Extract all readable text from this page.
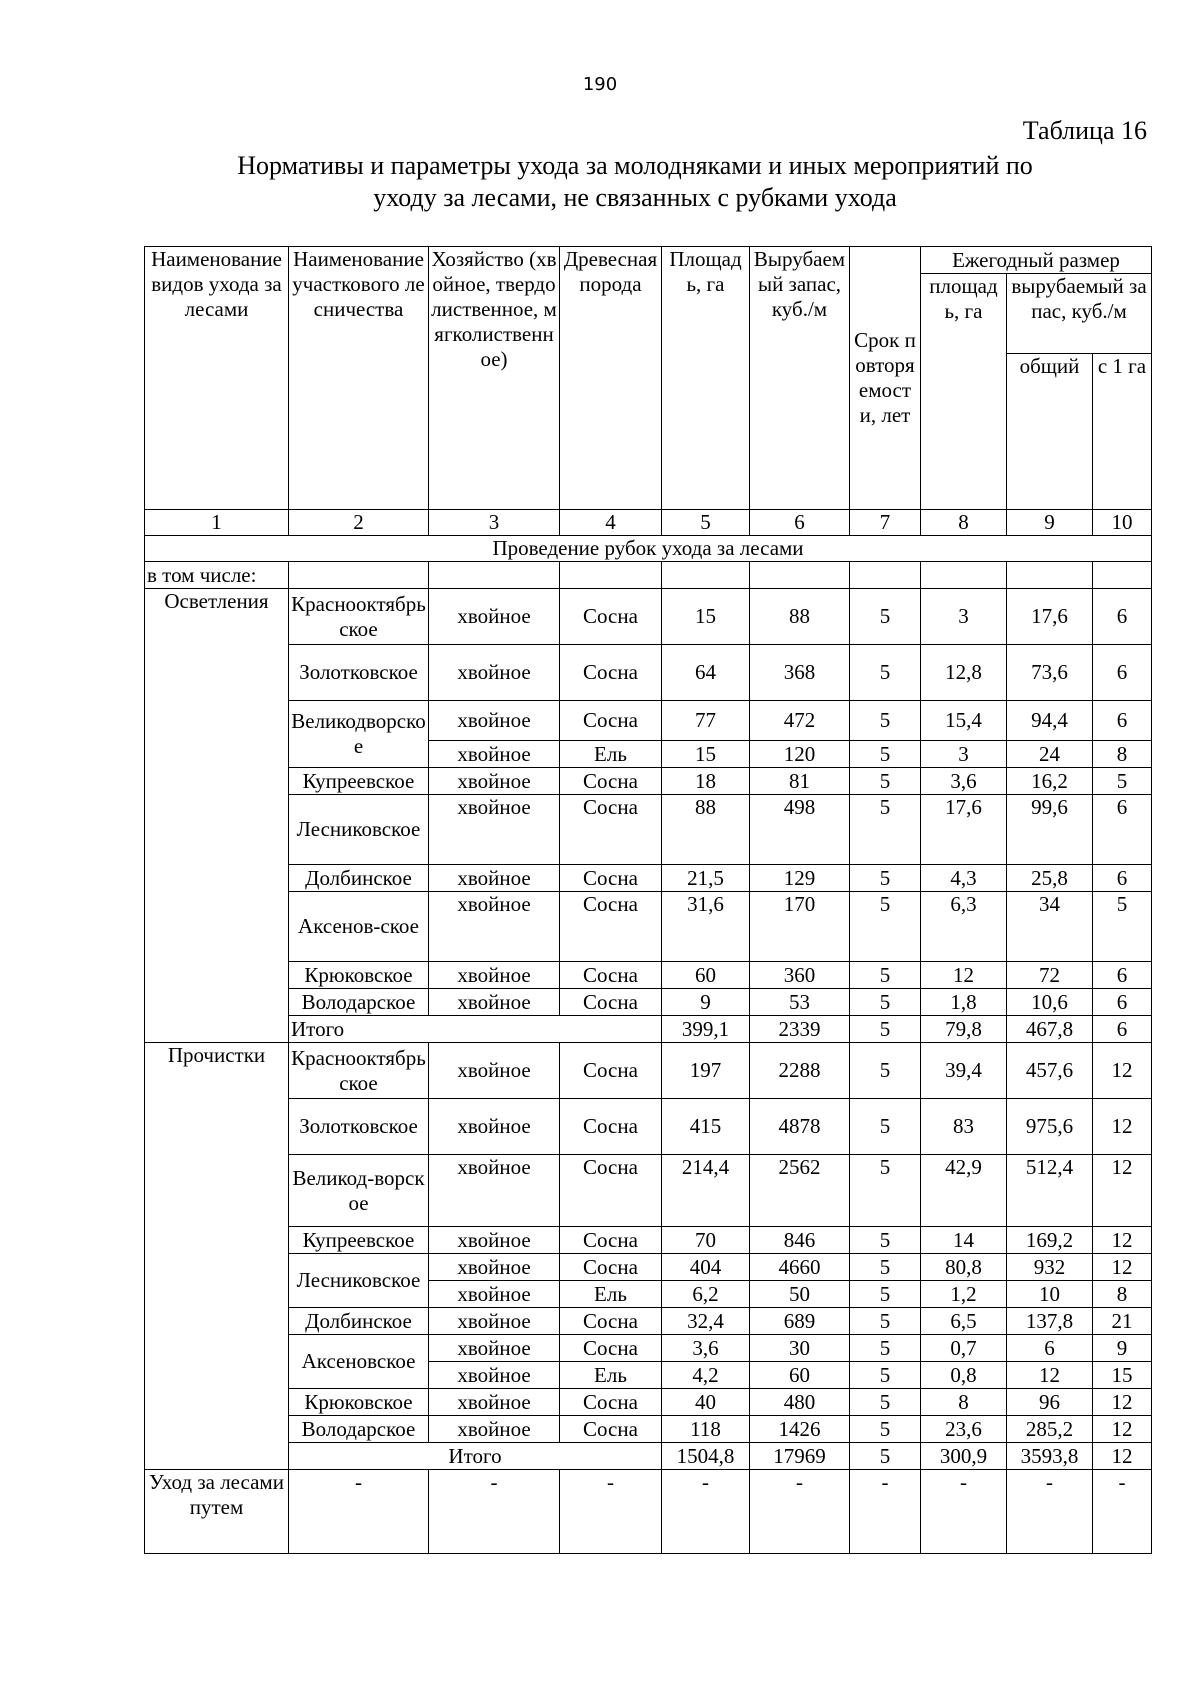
190
Таблица 16
Нормативы и параметры ухода за молодняками и иных мероприятий по
уходу за лесами, не связанных с рубками ухода
Наименование видов ухода за лесами	Наименование участкового лесничества	Хозяйство (хвойное, твердолиственное, мягколиственное)	Древесная порода	Площадь, га	Вырубаемый запас, куб./м	Срок повторяемости, лет	Ежегодный размер		
							площадь, га	вырубаемый запас, куб./м	
								общий	с 1 га
1	2	3	4	5	6	7	8	9	10
Проведение рубок ухода за лесами									
в том числе:									
Осветления	Краснооктябрьское	хвойное	Сосна	15	88	5	3	17,6	6
	Золотковское	хвойное	Сосна	64	368	5	12,8	73,6	6
	Великодворское	хвойное	Сосна	77	472	5	15,4	94,4	6
		хвойное	Ель	15	120	5	3	24	8
	Купреевское	хвойное	Сосна	18	81	5	3,6	16,2	5
	Лесниковское	хвойное	Сосна	88	498	5	17,6	99,6	6
	Долбинское	хвойное	Сосна	21,5	129	5	4,3	25,8	6
	Аксенов-ское	хвойное	Сосна	31,6	170	5	6,3	34	5
	Крюковское	хвойное	Сосна	60	360	5	12	72	6
	Володарское	хвойное	Сосна	9	53	5	1,8	10,6	6
	Итого			399,1	2339	5	79,8	467,8	6
Прочистки	Краснооктябрьское	хвойное	Сосна	197	2288	5	39,4	457,6	12
	Золотковское	хвойное	Сосна	415	4878	5	83	975,6	12
	Великод-ворское	хвойное	Сосна	214,4	2562	5	42,9	512,4	12
	Купреевское	хвойное	Сосна	70	846	5	14	169,2	12
	Лесниковское	хвойное	Сосна	404	4660	5	80,8	932	12
		хвойное	Ель	6,2	50	5	1,2	10	8
	Долбинское	хвойное	Сосна	32,4	689	5	6,5	137,8	21
	Аксеновское	хвойное	Сосна	3,6	30	5	0,7	6	9
		хвойное	Ель	4,2	60	5	0,8	12	15
	Крюковское	хвойное	Сосна	40	480	5	8	96	12
	Володарское	хвойное	Сосна	118	1426	5	23,6	285,2	12
	Итого			1504,8	17969	5	300,9	3593,8	12
Уход за лесами путем	-	-	-	-	-	-	-	-	-
